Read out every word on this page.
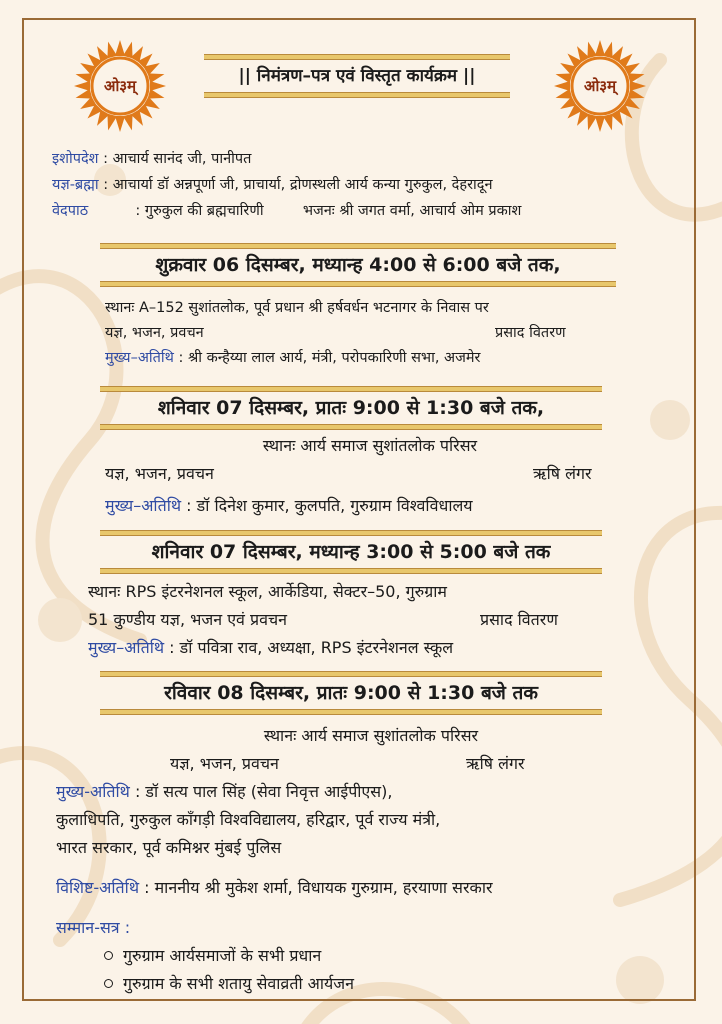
ओ३म्	ओ३म्
|| निमंत्रण–पत्र एवं विस्तृत कार्यक्रम ||
इशोपदेश : आचार्य सानंद जी, पानीपत
यज्ञ-ब्रह्मा : आचार्या डॉ अन्नपूर्णा जी, प्राचार्या, द्रोणस्थली आर्य कन्या गुरुकुल, देहरादून
वेदपाठ	: गुरुकुल की ब्रह्मचारिणी	भजनः श्री जगत वर्मा, आचार्य ओम प्रकाश
शुक्रवार 06 दिसम्बर, मध्यान्ह 4:00 से 6:00 बजे तक,
स्थानः A–152 सुशांतलोक, पूर्व प्रधान श्री हर्षवर्धन भटनागर के निवास पर
यज्ञ, भजन, प्रवचन	प्रसाद वितरण
मुख्य–अतिथि : श्री कन्हैय्या लाल आर्य, मंत्री, परोपकारिणी सभा, अजमेर
शनिवार 07 दिसम्बर, प्रातः 9:00 से 1:30 बजे तक,
स्थानः आर्य समाज सुशांतलोक परिसर
यज्ञ, भजन, प्रवचन	ऋषि लंगर
मुख्य–अतिथि : डॉ दिनेश कुमार, कुलपति, गुरुग्राम विश्वविधालय
शनिवार 07 दिसम्बर, मध्यान्ह 3:00 से 5:00 बजे तक
स्थानः RPS इंटरनेशनल स्कूल, आर्केडिया, सेक्टर–50, गुरुग्राम
51 कुण्डीय यज्ञ, भजन एवं प्रवचन	प्रसाद वितरण
मुख्य–अतिथि : डॉ पवित्रा राव, अध्यक्षा, RPS इंटरनेशनल स्कूल
रविवार 08 दिसम्बर, प्रातः 9:00 से 1:30 बजे तक
स्थानः आर्य समाज सुशांतलोक परिसर
यज्ञ, भजन, प्रवचन	ऋषि लंगर
मुख्य-अतिथि : डॉ सत्य पाल सिंह (सेवा निवृत्त आईपीएस),
कुलाधिपति, गुरुकुल काँगड़ी विश्वविद्यालय, हरिद्वार, पूर्व राज्य मंत्री,
भारत सरकार, पूर्व कमिश्नर मुंबई पुलिस
विशिष्ट-अतिथि : माननीय श्री मुकेश शर्मा, विधायक गुरुग्राम, हरयाणा सरकार
सम्मान-सत्र :
गुरुग्राम आर्यसमाजों के सभी प्रधान
गुरुग्राम के सभी शतायु सेवाव्रती आर्यजन
